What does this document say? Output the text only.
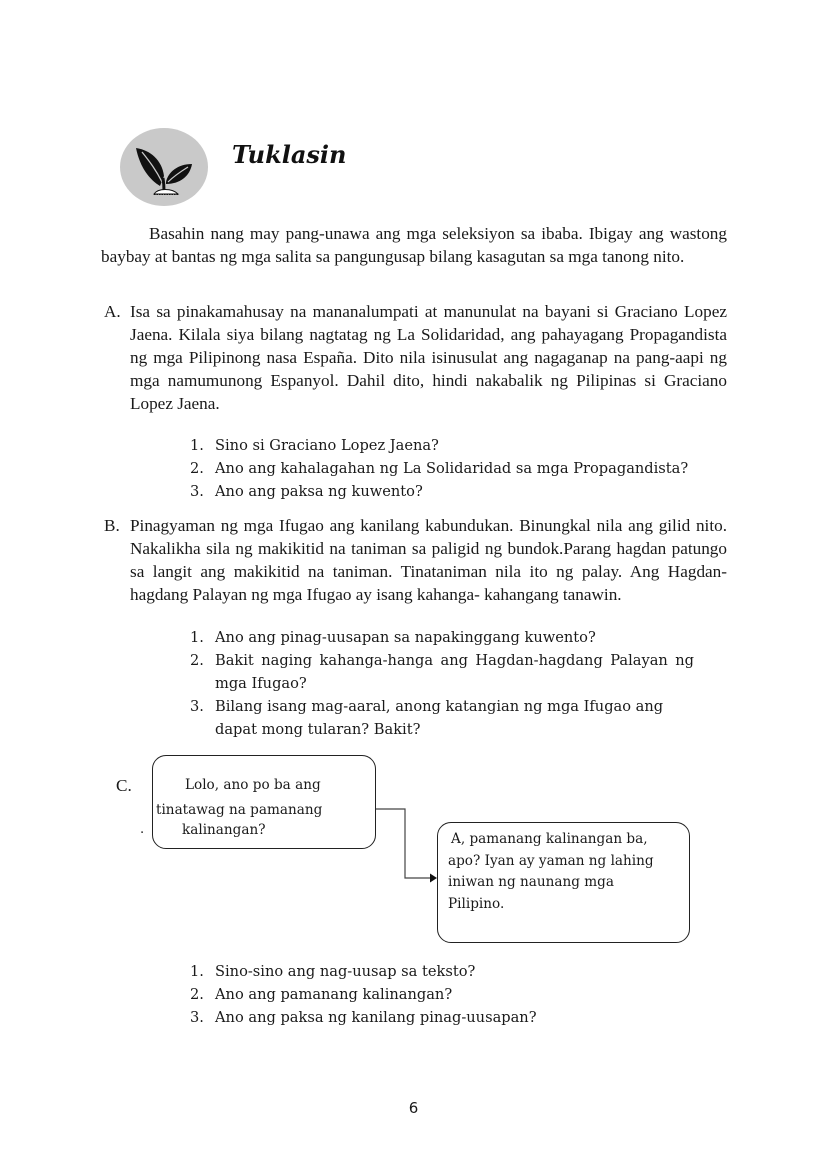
Tuklasin
Basahin nang may pang-unawa ang mga seleksiyon sa ibaba. Ibigay ang wastong baybay at bantas ng mga salita sa pangungusap bilang kasagutan sa mga tanong nito.
A. Isa sa pinakamahusay na mananalumpati at manunulat na bayani si Graciano Lopez Jaena. Kilala siya bilang nagtatag ng La Solidaridad, ang pahayagang Propagandista ng mga Pilipinong nasa España. Dito nila isinusulat ang nagaganap na pang-aapi ng mga namumunong Espanyol. Dahil dito, hindi nakabalik ng Pilipinas si Graciano Lopez Jaena.
1. Sino si Graciano Lopez Jaena?
2. Ano ang kahalagahan ng La Solidaridad sa mga Propagandista?
3. Ano ang paksa ng kuwento?
B. Pinagyaman ng mga Ifugao ang kanilang kabundukan. Binungkal nila ang gilid nito. Nakalikha sila ng makikitid na taniman sa paligid ng bundok.Parang hagdan patungo sa langit ang makikitid na taniman. Tinataniman nila ito ng palay. Ang Hagdan-hagdang Palayan ng mga Ifugao ay isang kahanga- kahangang tanawin.
1. Ano ang pinag-uusapan sa napakinggang kuwento?
2. Bakit naging kahanga-hanga ang Hagdan-hagdang Palayan ng mga Ifugao?
3. Bilang isang mag-aaral, anong katangian ng mga Ifugao ang dapat mong tularan? Bakit?
C.
.
Lolo, ano po ba ang
tinatawag na pamanang
kalinangan?
A, pamanang kalinangan ba,
apo? Iyan ay yaman ng lahing
iniwan ng naunang mga
Pilipino.
1. Sino-sino ang nag-uusap sa teksto?
2. Ano ang pamanang kalinangan?
3. Ano ang paksa ng kanilang pinag-uusapan?
6
